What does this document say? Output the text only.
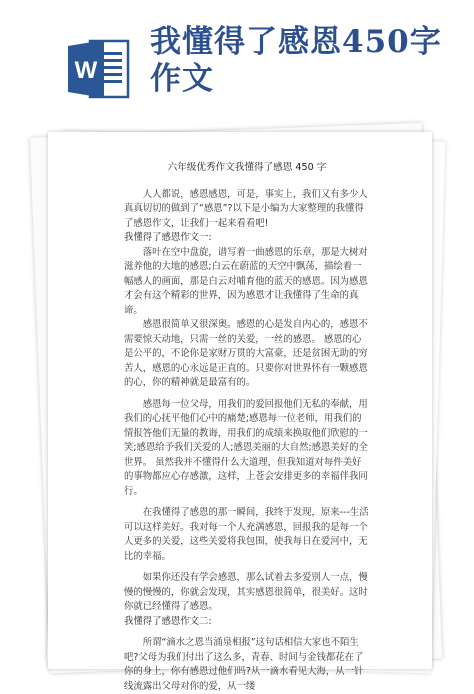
W
我懂得了感恩450字作文
六年级优秀作文我懂得了感恩 450 字

人人都说，感恩感恩，可是，事实上，我们又有多少人真真切切的做到了“感恩”?以下是小编为大家整理的我懂得了感恩作文，让我们一起来看看吧!

我懂得了感恩作文一:

落叶在空中盘旋，谱写着一曲感恩的乐章，那是大树对滋养他的大地的感恩;白云在蔚蓝的天空中飘荡，描绘着一幅感人的画面，那是白云对哺育他的蓝天的感恩。因为感恩才会有这个精彩的世界，因为感恩才让我懂得了生命的真谛。

感恩很简单又很深奥。感恩的心是发自内心的，感恩不需要惊天动地，只需一丝的关爱，一丝的感恩。 感恩的心是公平的，不论你是家财万贯的大富豪，还是贫困无助的穷苦人，感恩的心永远是正直的。只要你对世界怀有一颗感恩的心，你的精神就是最富有的。

感恩每一位父母，用我们的爱回报他们无私的奉献，用我们的心抚平他们心中的痛楚;感恩每一位老师，用我们的情报答他们无量的教诲，用我们的成绩来换取他们欣慰的一笑;感恩给予我们关爱的人;感恩美丽的大自然;感恩美好的全世界。 虽然我并不懂得什么大道理，但我知道对每件美好的事物都应心存感激，这样，上苍会安排更多的幸福伴我同行。

在我懂得了感恩的那一瞬间，我终于发现，原来---生活可以这样美好。我对每一个人充满感恩，回报我的是每一个人更多的关爱，这些关爱将我包围，使我每日在爱河中，无比的幸福。

如果你还没有学会感恩，那么试着去多爱别人一点，慢慢的慢慢的，你就会发现，其实感恩很简单，很美好。这时你就已经懂得了感恩。

我懂得了感恩作文二:

所谓“滴水之恩当涌泉相报”这句话相信大家也不陌生吧?父母为我们付出了这么多，青春、时间与金钱都花在了你的身上，你有感恩过他们吗?从一滴水看见大海，从一针线流露出父母对你的爱，从一缕
